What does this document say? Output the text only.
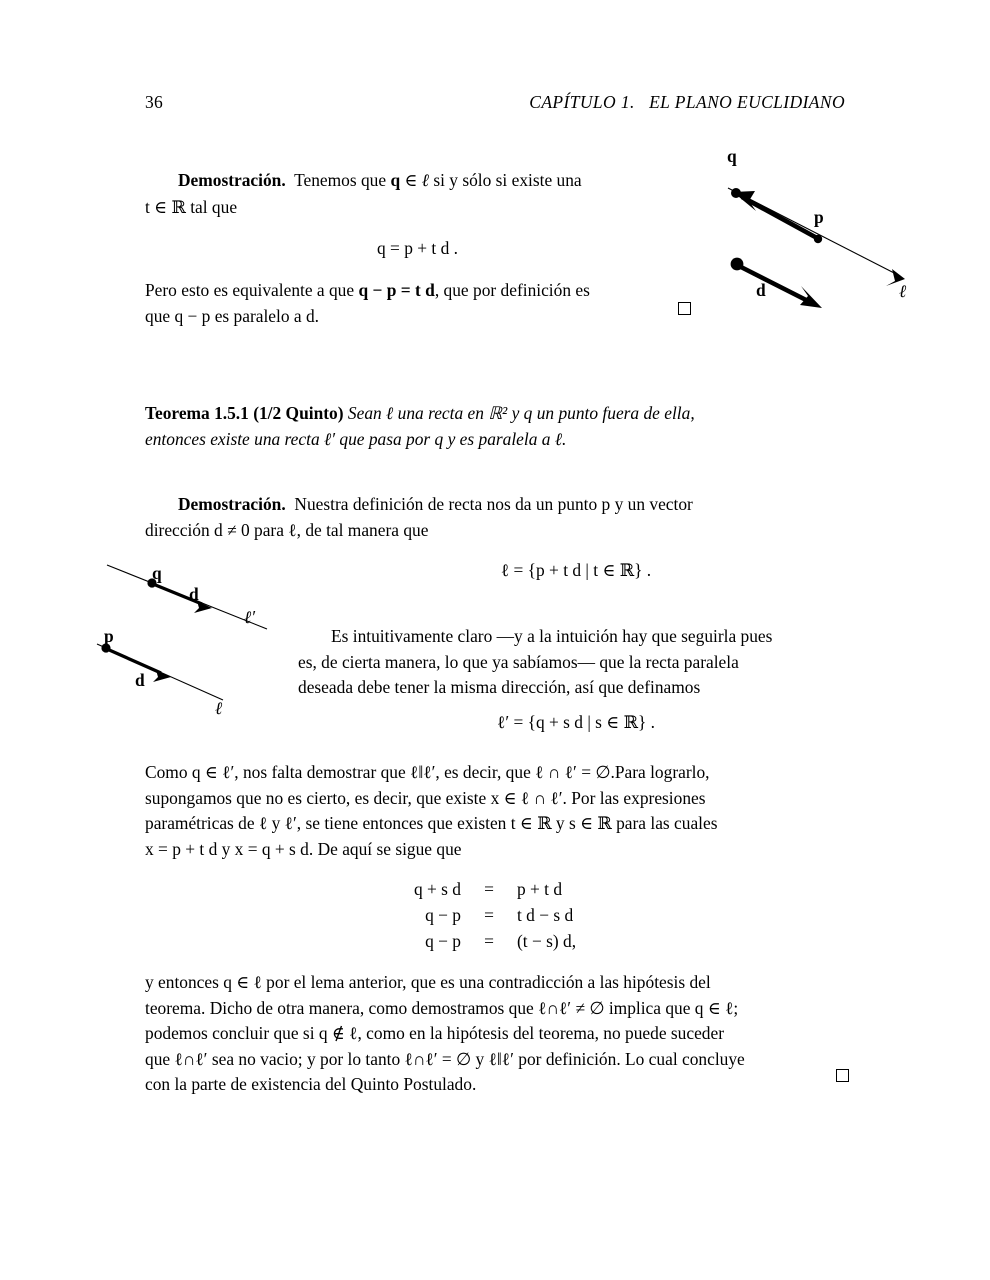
36	CAPÍTULO 1.   EL PLANO EUCLIDIANO
Demostración. Tenemos que q ∈ ℓ si y sólo si existe una
t ∈ ℝ tal que
q = p + t d .
Pero esto es equivalente a que q − p = t d, que por definición es
que q − p es paralelo a d.
q
p
d	ℓ
Teorema 1.5.1 (1/2 Quinto) Sean ℓ una recta en ℝ² y q un punto fuera de ella,
entonces existe una recta ℓ′ que pasa por q y es paralela a ℓ.
Demostración. Nuestra definición de recta nos da un punto p y un vector
dirección d ≠ 0 para ℓ, de tal manera que
ℓ = {p + t d | t ∈ ℝ} .
q
d
ℓ′
p
d
ℓ
Es intuitivamente claro —y a la intuición hay que seguirla pues
es, de cierta manera, lo que ya sabíamos— que la recta paralela
deseada debe tener la misma dirección, así que definamos
ℓ′ = {q + s d | s ∈ ℝ} .
Como q ∈ ℓ′, nos falta demostrar que ℓ‖ℓ′, es decir, que ℓ ∩ ℓ′ = ∅.Para lograrlo,
supongamos que no es cierto, es decir, que existe x ∈ ℓ ∩ ℓ′. Por las expresiones
paramétricas de ℓ y ℓ′, se tiene entonces que existen t ∈ ℝ y s ∈ ℝ para las cuales
x = p + t d y x = q + s d. De aquí se sigue que
q + s d	=	p + t d
q − p	=	t d − s d
q − p	=	(t − s) d,
y entonces q ∈ ℓ por el lema anterior, que es una contradicción a las hipótesis del
teorema. Dicho de otra manera, como demostramos que ℓ∩ℓ′ ≠ ∅ implica que q ∈ ℓ;
podemos concluir que si q ∉ ℓ, como en la hipótesis del teorema, no puede suceder
que ℓ∩ℓ′ sea no vacio; y por lo tanto ℓ∩ℓ′ = ∅ y ℓ‖ℓ′ por definición. Lo cual concluye
con la parte de existencia del Quinto Postulado.
